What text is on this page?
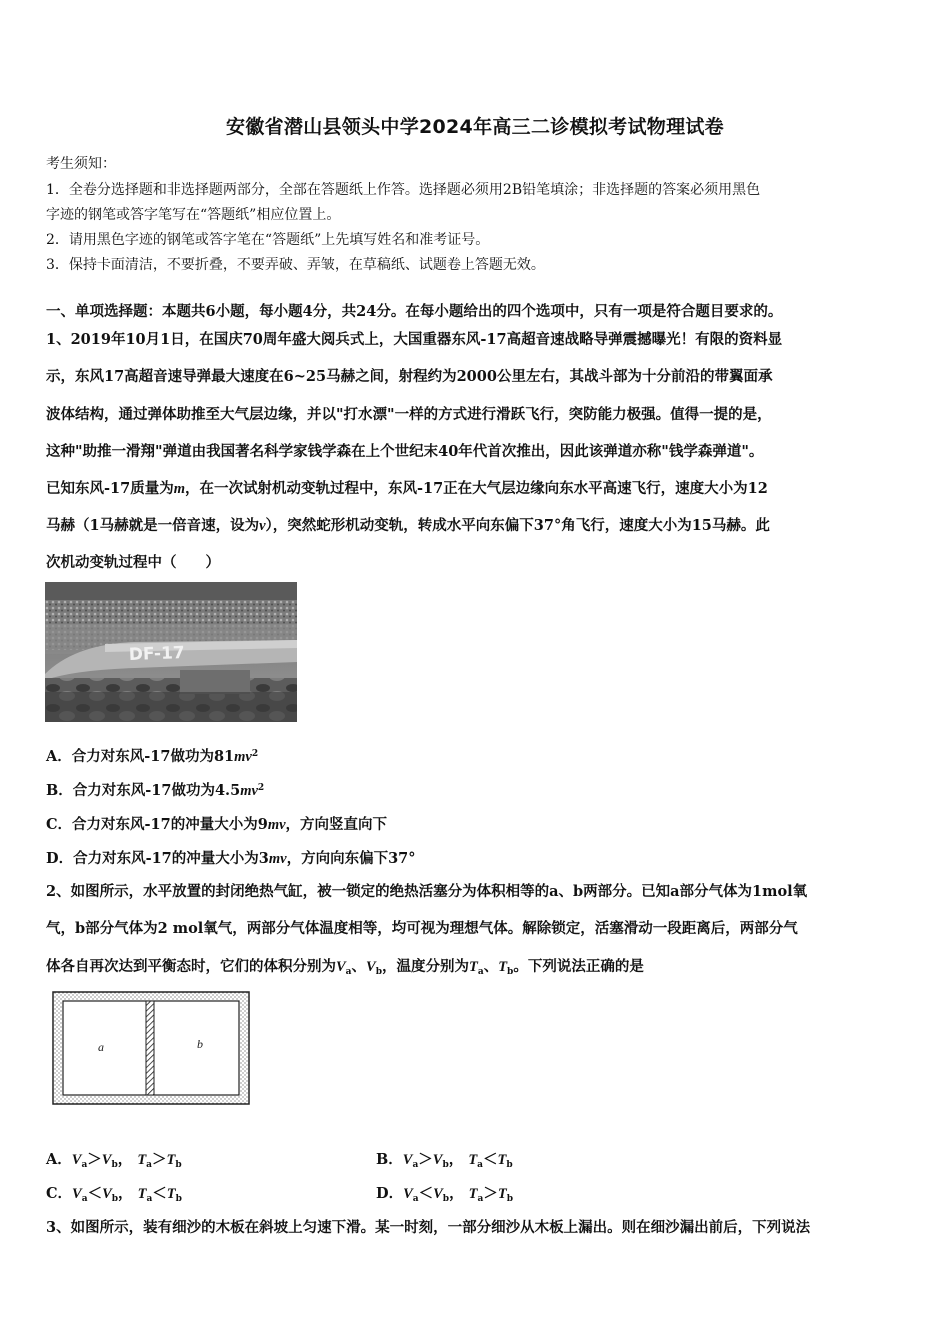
安徽省潜山县领头中学2024年高三二诊模拟考试物理试卷
考生须知：
1．全卷分选择题和非选择题两部分，全部在答题纸上作答。选择题必须用2B铅笔填涂；非选择题的答案必须用黑色
字迹的钢笔或答字笔写在“答题纸”相应位置上。
2．请用黑色字迹的钢笔或答字笔在“答题纸”上先填写姓名和准考证号。
3．保持卡面清洁，不要折叠，不要弄破、弄皱，在草稿纸、试题卷上答题无效。
一、单项选择题：本题共6小题，每小题4分，共24分。在每小题给出的四个选项中，只有一项是符合题目要求的。
1、2019年10月1日，在国庆70周年盛大阅兵式上，大国重器东风-17高超音速战略导弹震撼曝光！有限的资料显
示，东风17高超音速导弹最大速度在6~25马赫之间，射程约为2000公里左右，其战斗部为十分前沿的带翼面承
波体结构，通过弹体助推至大气层边缘，并以"打水漂"一样的方式进行滑跃飞行，突防能力极强。值得一提的是，
这种"助推一滑翔"弹道由我国著名科学家钱学森在上个世纪末40年代首次推出，因此该弹道亦称"钱学森弹道"。
已知东风-17质量为m，在一次试射机动变轨过程中，东风-17正在大气层边缘向东水平高速飞行，速度大小为12
马赫（1马赫就是一倍音速，设为v），突然蛇形机动变轨，转成水平向东偏下37°角飞行，速度大小为15马赫。此
次机动变轨过程中（　　）
DF-17
A．合力对东风-17做功为$81mv^2$
B．合力对东风-17做功为$4.5mv^2$
C．合力对东风-17的冲量大小为9mv，方向竖直向下
D．合力对东风-17的冲量大小为3mv，方向向东偏下37°
2、如图所示，水平放置的封闭绝热气缸，被一锁定的绝热活塞分为体积相等的a、b两部分。已知a部分气体为1mol氧
气，b部分气体为2 mol氧气，两部分气体温度相等，均可视为理想气体。解除锁定，活塞滑动一段距离后，两部分气
体各自再次达到平衡态时，它们的体积分别为$V_a$、$V_b$，温度分别为$T_a$、$T_b$。下列说法正确的是
a	b
A．$V_a>V_b$， $T_a>T_b$	B．$V_a>V_b$， $T_a<T_b$
C．$V_a<V_b$， $T_a<T_b$	D．$V_a<V_b$， $T_a>T_b$
3、如图所示，装有细沙的木板在斜坡上匀速下滑。某一时刻，一部分细沙从木板上漏出。则在细沙漏出前后，下列说法
